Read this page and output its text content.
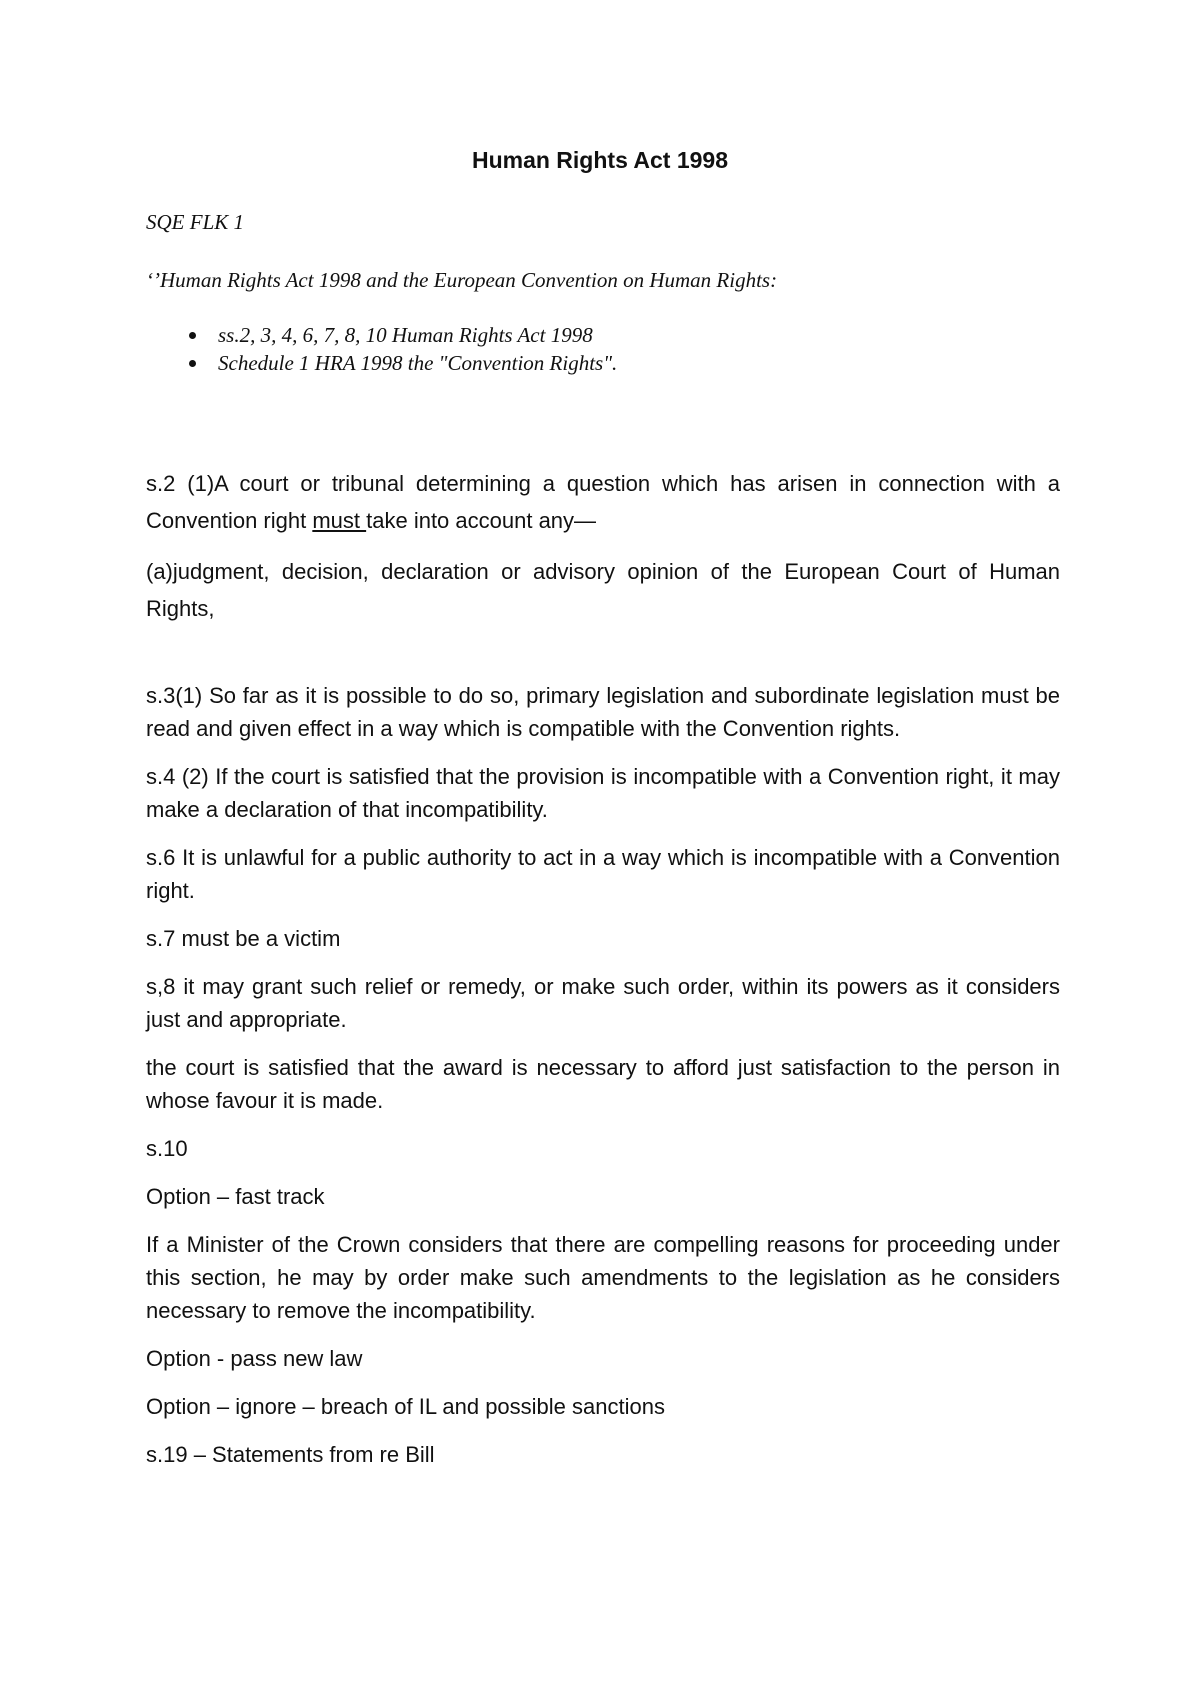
Human Rights Act 1998
SQE FLK 1
‘’Human Rights Act 1998 and the European Convention on Human Rights:
ss.2, 3, 4, 6, 7, 8, 10 Human Rights Act 1998
Schedule 1 HRA 1998 the "Convention Rights".

s.2 (1)A court or tribunal determining a question which has arisen in connection with a Convention right must take into account any—

(a)judgment, decision, declaration or advisory opinion of the European Court of Human Rights,

s.3(1) So far as it is possible to do so, primary legislation and subordinate legislation must be read and given effect in a way which is compatible with the Convention rights.

s.4 (2) If the court is satisfied that the provision is incompatible with a Convention right, it may make a declaration of that incompatibility.

s.6 It is unlawful for a public authority to act in a way which is incompatible with a Convention right.

s.7 must be a victim

s,8 it may grant such relief or remedy, or make such order, within its powers as it considers just and appropriate.

the court is satisfied that the award is necessary to afford just satisfaction to the person in whose favour it is made.

s.10

Option – fast track

If a Minister of the Crown considers that there are compelling reasons for proceeding under this section, he may by order make such amendments to the legislation as he considers necessary to remove the incompatibility.

Option - pass new law

Option – ignore – breach of IL and possible sanctions

s.19 – Statements from re Bill
